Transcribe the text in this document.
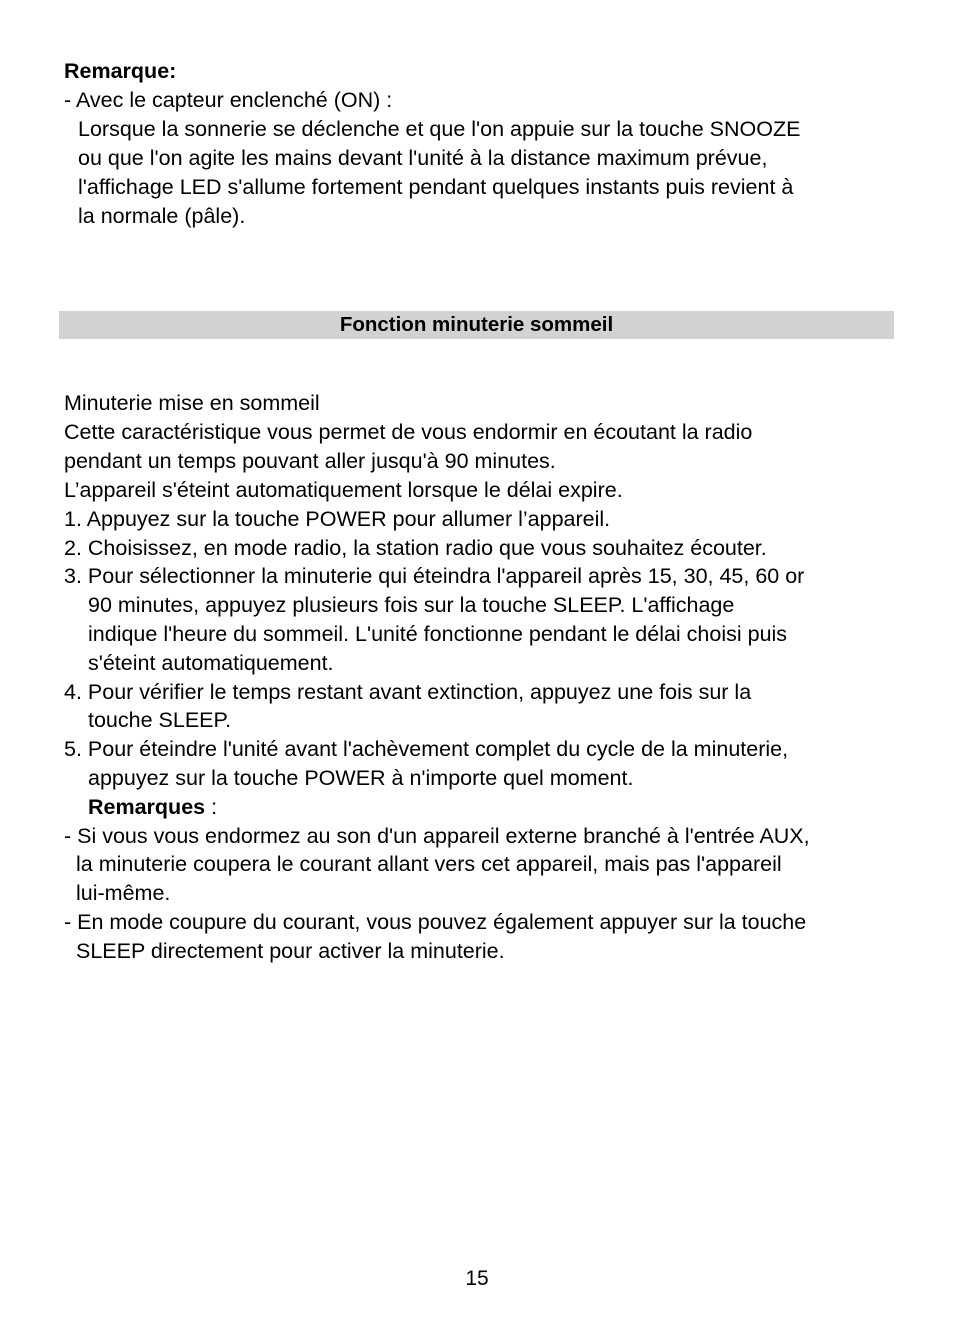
Remarque:
- Avec le capteur enclenché (ON) :
Lorsque la sonnerie se déclenche et que l'on appuie sur la touche SNOOZE
ou que l'on agite les mains devant l'unité à la distance maximum prévue,
l'affichage LED s'allume fortement pendant quelques instants puis revient à
la normale (pâle).
Fonction minuterie sommeil
Minuterie mise en sommeil
Cette caractéristique vous permet de vous endormir en écoutant la radio
pendant un temps pouvant aller jusqu'à 90 minutes.
L’appareil s'éteint automatiquement lorsque le délai expire.
1. Appuyez sur la touche POWER pour allumer l’appareil.
2. Choisissez, en mode radio, la station radio que vous souhaitez écouter.
3. Pour sélectionner la minuterie qui éteindra l'appareil après 15, 30, 45, 60 or
90 minutes, appuyez plusieurs fois sur la touche SLEEP. L'affichage
indique l'heure du sommeil. L'unité fonctionne pendant le délai choisi puis
s'éteint automatiquement.
4. Pour vérifier le temps restant avant extinction, appuyez une fois sur la
touche SLEEP.
5. Pour éteindre l'unité avant l'achèvement complet du cycle de la minuterie,
appuyez sur la touche POWER à n'importe quel moment.
Remarques :
- Si vous vous endormez au son d'un appareil externe branché à l'entrée AUX,
la minuterie coupera le courant allant vers cet appareil, mais pas l'appareil
lui-même.
- En mode coupure du courant, vous pouvez également appuyer sur la touche
SLEEP directement pour activer la minuterie.
15
